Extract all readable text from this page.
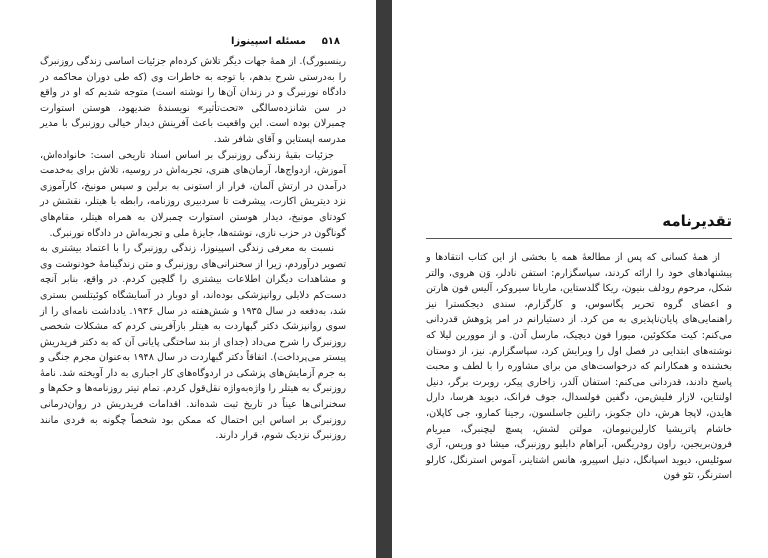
۵۱۸
مسئله اسپینوزا

رینسبورگ). از همهٔ جهات دیگر تلاش کرده‌ام جزئیات اساسی زندگی روزنبرگ را به‌درستی شرح بدهم، با توجه به خاطرات وی (که طی دوران محاکمه در دادگاه نورنبرگ و در زندان آن‌ها را نوشته است) متوجه شدیم که او در واقع در سن شانزده‌سالگی «تحت‌تأثیر» نویسندهٔ ضدیهود، هوستن استوارت چمبرلان بوده است. این واقعیت باعث آفرینش دیدار خیالی روزنبرگ با مدیر مدرسه اپستاین و آقای شافر شد.

جزئیات بقیهٔ زندگی روزنبرگ بر اساس اسناد تاریخی است: خانواده‌اش، آموزش، ازدواج‌ها، آرمان‌های هنری، تجربه‌اش در روسیه، تلاش برای به‌خدمت درآمدن در ارتش آلمان، فرار از استونی به برلین و سپس مونیخ، کارآموزی نزد دیتریش اکارت، پیشرفت تا سردبیری روزنامه، رابطه با هیتلر، نقشش در کودتای مونیخ، دیدار هوستن استوارت چمبرلان به همراه هیتلر، مقام‌های گوناگون در حزب نازی، نوشته‌ها، جایزهٔ ملی و تجربه‌اش در دادگاه نورنبرگ.

نسبت به معرفی زندگی اسپینوزا، زندگی روزنبرگ را با اعتماد بیشتری به تصویر درآوردم، زیرا از سخنرانی‌های روزنبرگ و متن زندگینامهٔ خودنوشت وی و مشاهدات دیگران اطلاعات بیشتری را گلچین کردم. در واقع، بنابر آنچه دست‌کم دلایلی روانپزشکی بوده‌اند، او دوبار در آسایشگاه کوئیتلسن بستری شد، به‌دفعه در سال ۱۹۳۵ و شش‌هفته در سال ۱۹۳۶. یادداشت نامه‌ای را از سوی روانپزشک دکتر گبهاردت به هیتلر بازآفرینی کردم که مشکلات شخصی روزنبرگ را شرح می‌داد (جدای از بند ساختگی پایانی آن که به دکتر فریدریش پیستر می‌پرداخت). اتفاقاً دکتر گبهاردت در سال ۱۹۴۸ به‌عنوان مجرم جنگی و به جرم آزمایش‌های پزشکی در اردوگاه‌های کار اجباری به دار آویخته شد. نامهٔ روزنبرگ به هیتلر را واژه‌به‌واژه نقل‌قول کردم. تمام تیتر روزنامه‌ها و حکم‌ها و سخنرانی‌ها عیناً در تاریخ ثبت شده‌اند. اقدامات فریدریش در روان‌درمانی روزنبرگ بر اساس این احتمال که ممکن بود شخصاً چگونه به فردی مانند روزنبرگ نزدیک شوم، قرار دارند.

تقدیرنامه

از همهٔ کسانی که پس از مطالعهٔ همه یا بخشی از این کتاب انتقادها و پیشنهادهای خود را ارائه کردند، سپاسگزارم: استفن نادلر، وَن هروی، والتر شکل، مرحوم رودلف بنیون، ریکا گلدستاین، ماریانا سیروکر، آلیس فون هارتن و اعضای گروه تحریر پگاسوس، و کارگزارم، سندی دیجکسترا نیز راهنمایی‌های پایان‌ناپذیری به من کرد. از دستیارانم در امر پژوهش قدردانی می‌کنم: کیت مککوئین، میورا فون دیچیک، مارسل آدن. و از موورین لیلا که نوشته‌های ابتدایی در فصل اول را ویرایش کرد، سپاسگزارم. نیز، از دوستان بخشنده و همکارانم که درخواست‌های من برای مشاوره را با لطف و محبت پاسخ دادند، قدردانی می‌کنم: استفان آلدر، زاخاری پیکر، روبرت برگر، دنیل اولنتاین، لازار فلیش‌من، دگفین فولسدال، جوف فرانک، دیوید هرسا، دارل هایدن، لاپجا هرش، دان جکوبز، راتلین جاسلسون، رجینا کمارو، جی کاپلان، خاشام پاتریشیا کارلین‌نیومان، مولتن لشش، پسچ لیچنبرگ، میریام فرون‌بریجین، راون رودریگس، آبراهام دابلیو روزنبرگ، میشا دو وریس، آری سوئلیس، دیوید اسپانگل، دنیل اسپیرو، هانس اشتاینر، آموس استرنگل، کارلو استرنگر، تئو فون
